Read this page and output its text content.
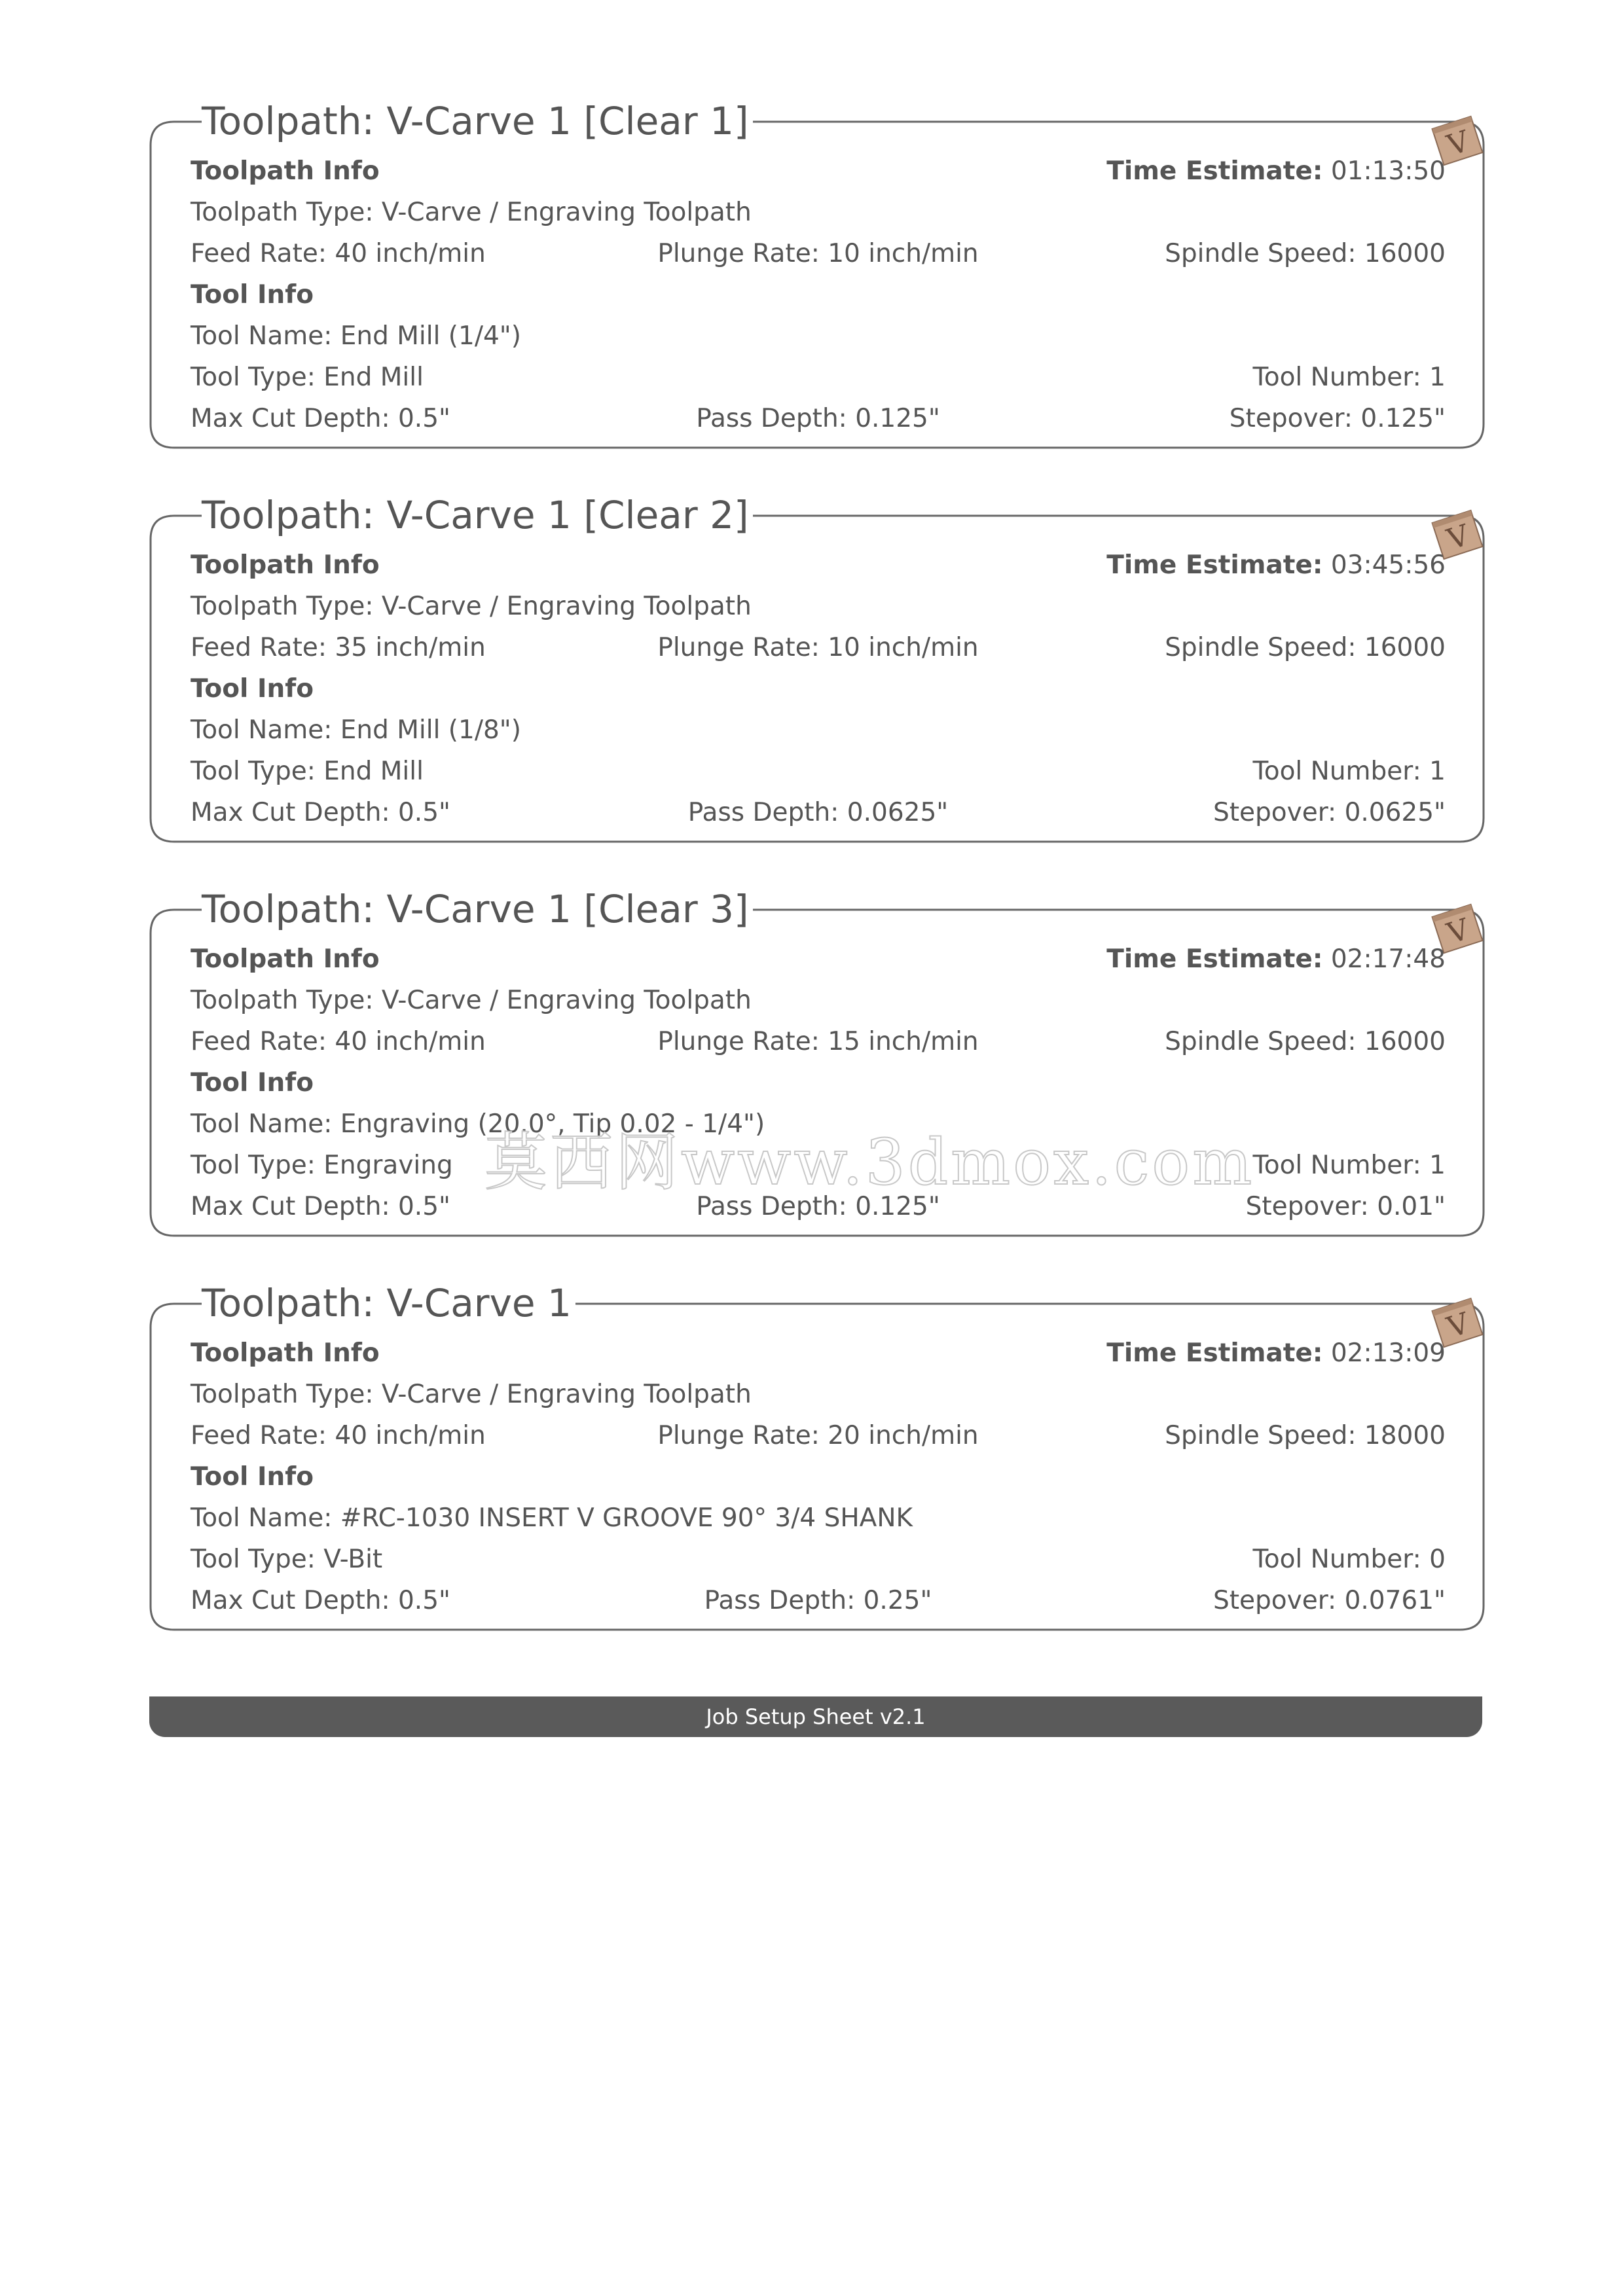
Toolpath: V-Carve 1 [Clear 1]
V
Toolpath Info	Time Estimate: 01:13:50
Toolpath Type: V-Carve / Engraving Toolpath
Feed Rate: 40 inch/min	Plunge Rate: 10 inch/min	Spindle Speed: 16000
Tool Info
Tool Name: End Mill (1/4")
Tool Type: End Mill	Tool Number: 1
Max Cut Depth: 0.5"	Pass Depth: 0.125"	Stepover: 0.125"
Toolpath: V-Carve 1 [Clear 2]
V
Toolpath Info	Time Estimate: 03:45:56
Toolpath Type: V-Carve / Engraving Toolpath
Feed Rate: 35 inch/min	Plunge Rate: 10 inch/min	Spindle Speed: 16000
Tool Info
Tool Name: End Mill (1/8")
Tool Type: End Mill	Tool Number: 1
Max Cut Depth: 0.5"	Pass Depth: 0.0625"	Stepover: 0.0625"
Toolpath: V-Carve 1 [Clear 3]
V
Toolpath Info	Time Estimate: 02:17:48
Toolpath Type: V-Carve / Engraving Toolpath
Feed Rate: 40 inch/min	Plunge Rate: 15 inch/min	Spindle Speed: 16000
Tool Info
Tool Name: Engraving (20.0°, Tip 0.02 - 1/4")
Tool Type: Engraving	Tool Number: 1
Max Cut Depth: 0.5"	Pass Depth: 0.125"	Stepover: 0.01"
Toolpath: V-Carve 1
V
Toolpath Info	Time Estimate: 02:13:09
Toolpath Type: V-Carve / Engraving Toolpath
Feed Rate: 40 inch/min	Plunge Rate: 20 inch/min	Spindle Speed: 18000
Tool Info
Tool Name: #RC-1030 INSERT V GROOVE 90° 3/4 SHANK
Tool Type: V-Bit	Tool Number: 0
Max Cut Depth: 0.5"	Pass Depth: 0.25"	Stepover: 0.0761"
Job Setup Sheet v2.1
莫西网www.3dmox.com
